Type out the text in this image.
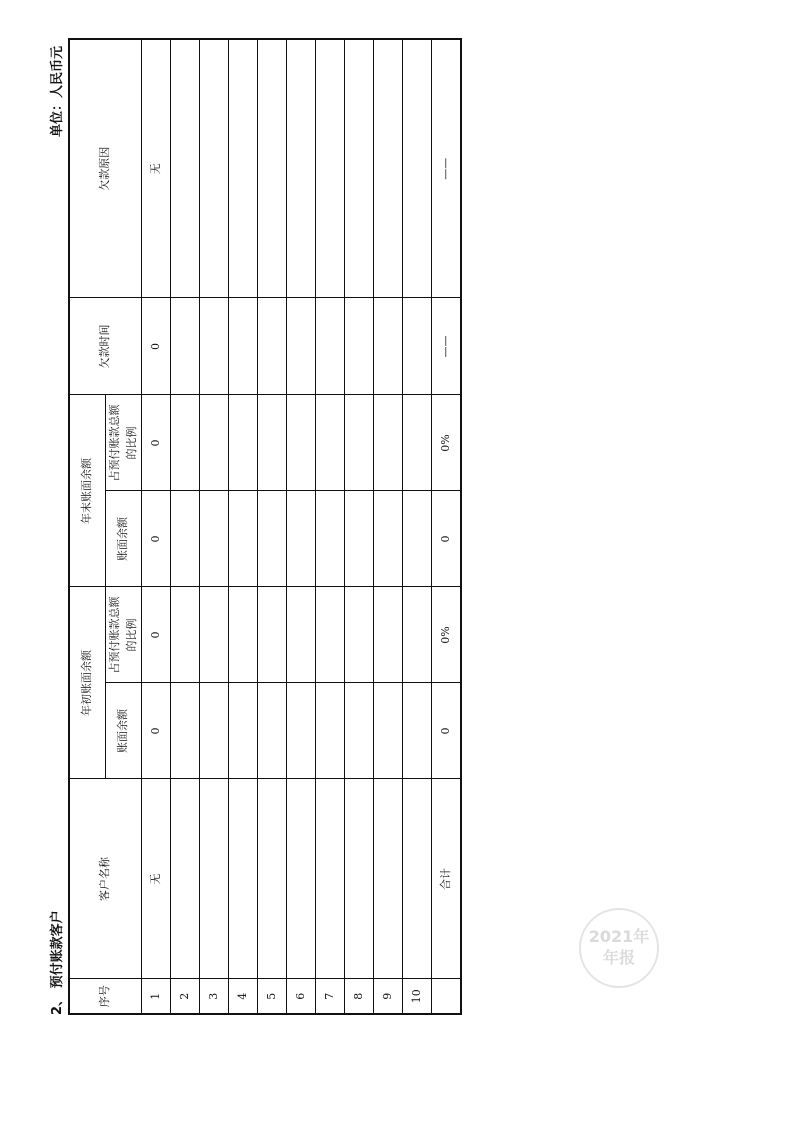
2、 预付账款客户
单位：人民币元
序号	客户名称	年初账面余额		年末账面余额		欠款时间	欠款原因
		账面余额	占预付账款总额的比例	账面余额	占预付账款总额的比例		

1	无	0	0	0	0	0	无
2							
3							
4							
5							
6							
7							
8							
9							
10							
	合计	0	0%	0	0%	——	——
2021年
年报
